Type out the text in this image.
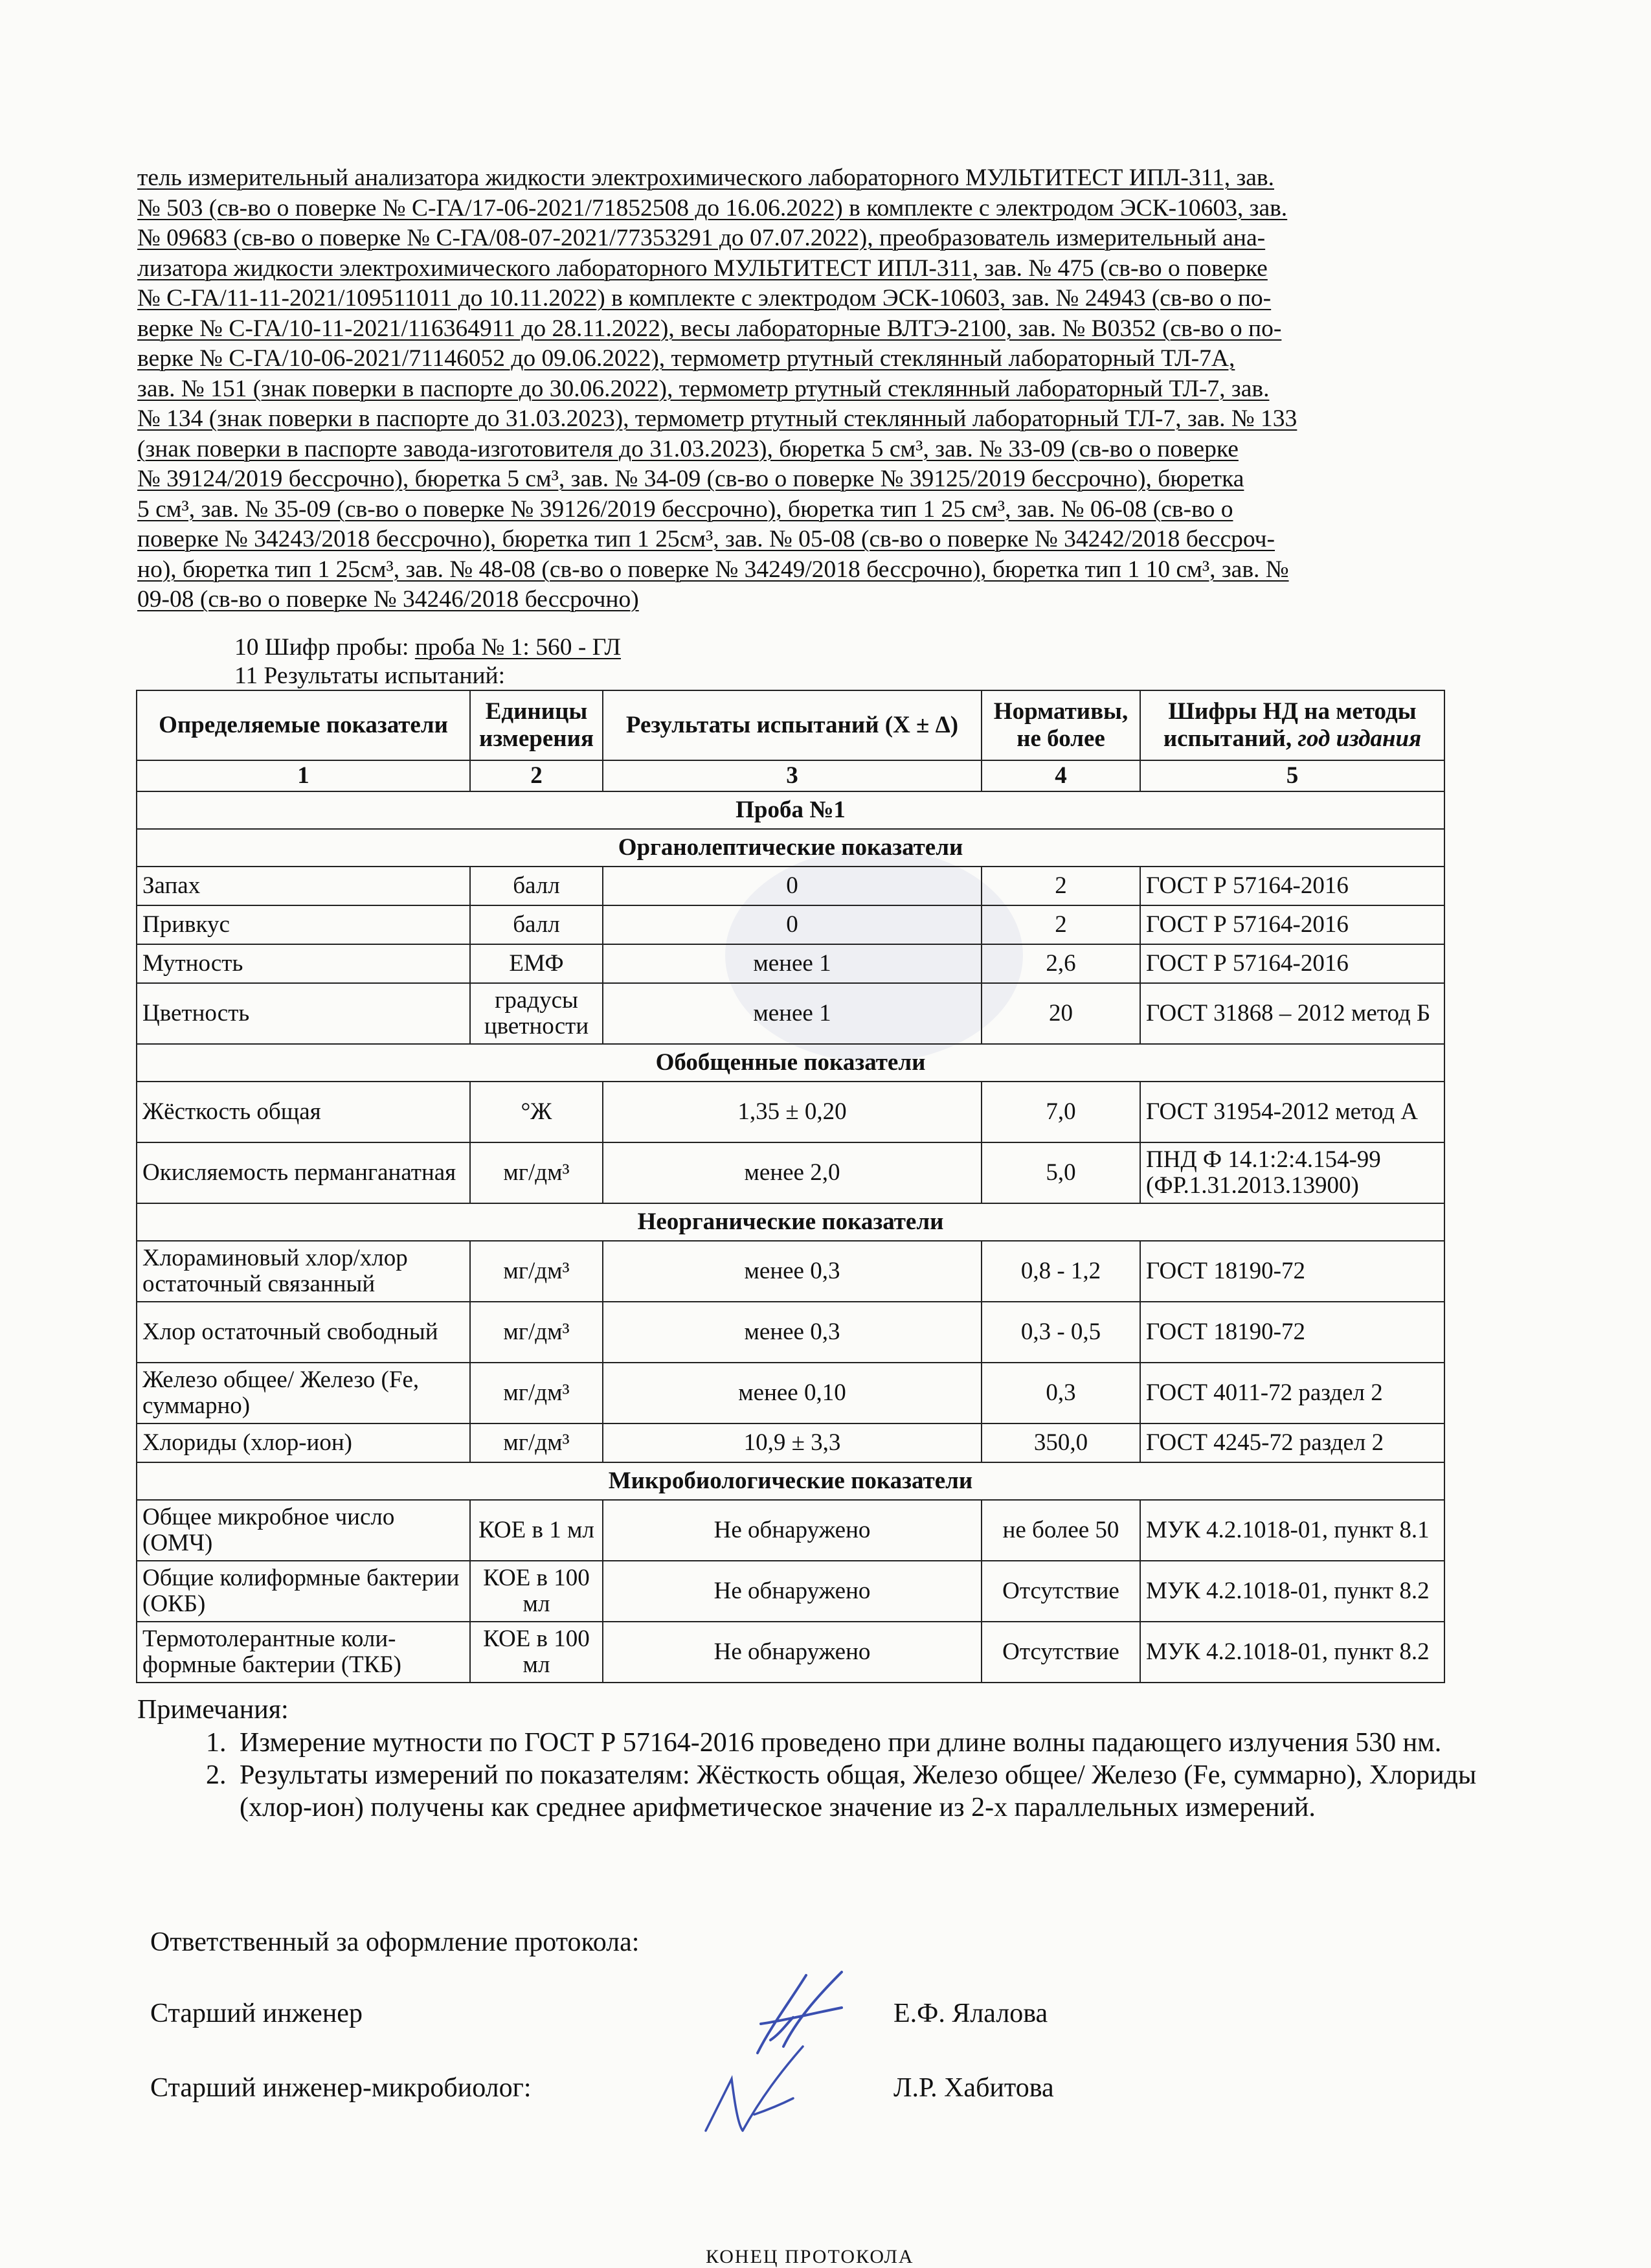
тель измерительный анализатора жидкости электрохимического лабораторного МУЛЬТИТЕСТ ИПЛ-311, зав.

№ 503 (св-во о поверке № С-ГА/17-06-2021/71852508 до 16.06.2022) в комплекте с электродом ЭСК-10603, зав.

№ 09683 (св-во о поверке № С-ГА/08-07-2021/77353291 до 07.07.2022), преобразователь измерительный ана-

лизатора жидкости электрохимического лабораторного МУЛЬТИТЕСТ ИПЛ-311, зав. № 475 (св-во о поверке

№ С-ГА/11-11-2021/109511011 до 10.11.2022) в комплекте с электродом ЭСК-10603, зав. № 24943 (св-во о по-

верке № С-ГА/10-11-2021/116364911 до 28.11.2022), весы лабораторные ВЛТЭ-2100, зав. № В0352 (св-во о по-

верке № С-ГА/10-06-2021/71146052 до 09.06.2022), термометр ртутный стеклянный лабораторный ТЛ-7А,

зав. № 151 (знак поверки в паспорте до 30.06.2022), термометр ртутный стеклянный лабораторный ТЛ-7, зав.

№ 134 (знак поверки в паспорте до 31.03.2023), термометр ртутный стеклянный лабораторный ТЛ-7, зав. № 133

(знак поверки в паспорте завода-изготовителя до 31.03.2023), бюретка 5 см³, зав. № 33-09 (св-во о поверке

№ 39124/2019 бессрочно), бюретка 5 см³, зав. № 34-09 (св-во о поверке № 39125/2019 бессрочно), бюретка

5 см³, зав. № 35-09 (св-во о поверке № 39126/2019 бессрочно), бюретка тип 1 25 см³, зав. № 06-08 (св-во о

поверке № 34243/2018 бессрочно), бюретка тип 1 25см³, зав. № 05-08 (св-во о поверке № 34242/2018 бессроч-

но), бюретка тип 1 25см³, зав. № 48-08 (св-во о поверке № 34249/2018 бессрочно), бюретка тип 1 10 см³, зав. №

09-08 (св-во о поверке № 34246/2018 бессрочно)

10 Шифр пробы: проба № 1: 560 - ГЛ
11 Результаты испытаний:
Определяемые показатели	Единицы измерения	Результаты испытаний (X ± Δ)	Нормативы, не более	Шифры НД на методы испытаний, год издания
1	2	3	4	5
Проба №1				
Органолептические показатели				
Запах	балл	0	2	ГОСТ Р 57164-2016
Привкус	балл	0	2	ГОСТ Р 57164-2016
Мутность	ЕМФ	менее 1	2,6	ГОСТ Р 57164-2016
Цветность	градусы цветности	менее 1	20	ГОСТ 31868 – 2012 метод Б
Обобщенные показатели				
Жёсткость общая	°Ж	1,35 ± 0,20	7,0	ГОСТ 31954-2012 метод А
Окисляемость перманганатная	мг/дм³	менее 2,0	5,0	ПНД Ф 14.1:2:4.154-99 (ФР.1.31.2013.13900)
Неорганические показатели				
Хлораминовый хлор/хлор остаточный связанный	мг/дм³	менее 0,3	0,8 - 1,2	ГОСТ 18190-72
Хлор остаточный свободный	мг/дм³	менее 0,3	0,3 - 0,5	ГОСТ 18190-72
Железо общее/ Железо (Fe, суммарно)	мг/дм³	менее 0,10	0,3	ГОСТ 4011-72 раздел 2
Хлориды (хлор-ион)	мг/дм³	10,9 ± 3,3	350,0	ГОСТ 4245-72 раздел 2
Микробиологические показатели				
Общее микробное число (ОМЧ)	КОЕ в 1 мл	Не обнаружено	не более 50	МУК 4.2.1018-01, пункт 8.1
Общие колиформные бактерии (ОКБ)	КОЕ в 100 мл	Не обнаружено	Отсутствие	МУК 4.2.1018-01, пункт 8.2
Термотолерантные коли-формные бактерии (ТКБ)	КОЕ в 100 мл	Не обнаружено	Отсутствие	МУК 4.2.1018-01, пункт 8.2
Примечания:
1. Измерение мутности по ГОСТ Р 57164-2016 проведено при длине волны падающего излучения 530 нм.
2. Результаты измерений по показателям: Жёсткость общая, Железо общее/ Железо (Fe, суммарно), Хлориды (хлор-ион) получены как среднее арифметическое значение из 2-х параллельных измерений.
Ответственный за оформление протокола:
Старший инженер	Е.Ф. Ялалова
Старший инженер-микробиолог:	Л.Р. Хабитова
КОНЕЦ ПРОТОКОЛА
